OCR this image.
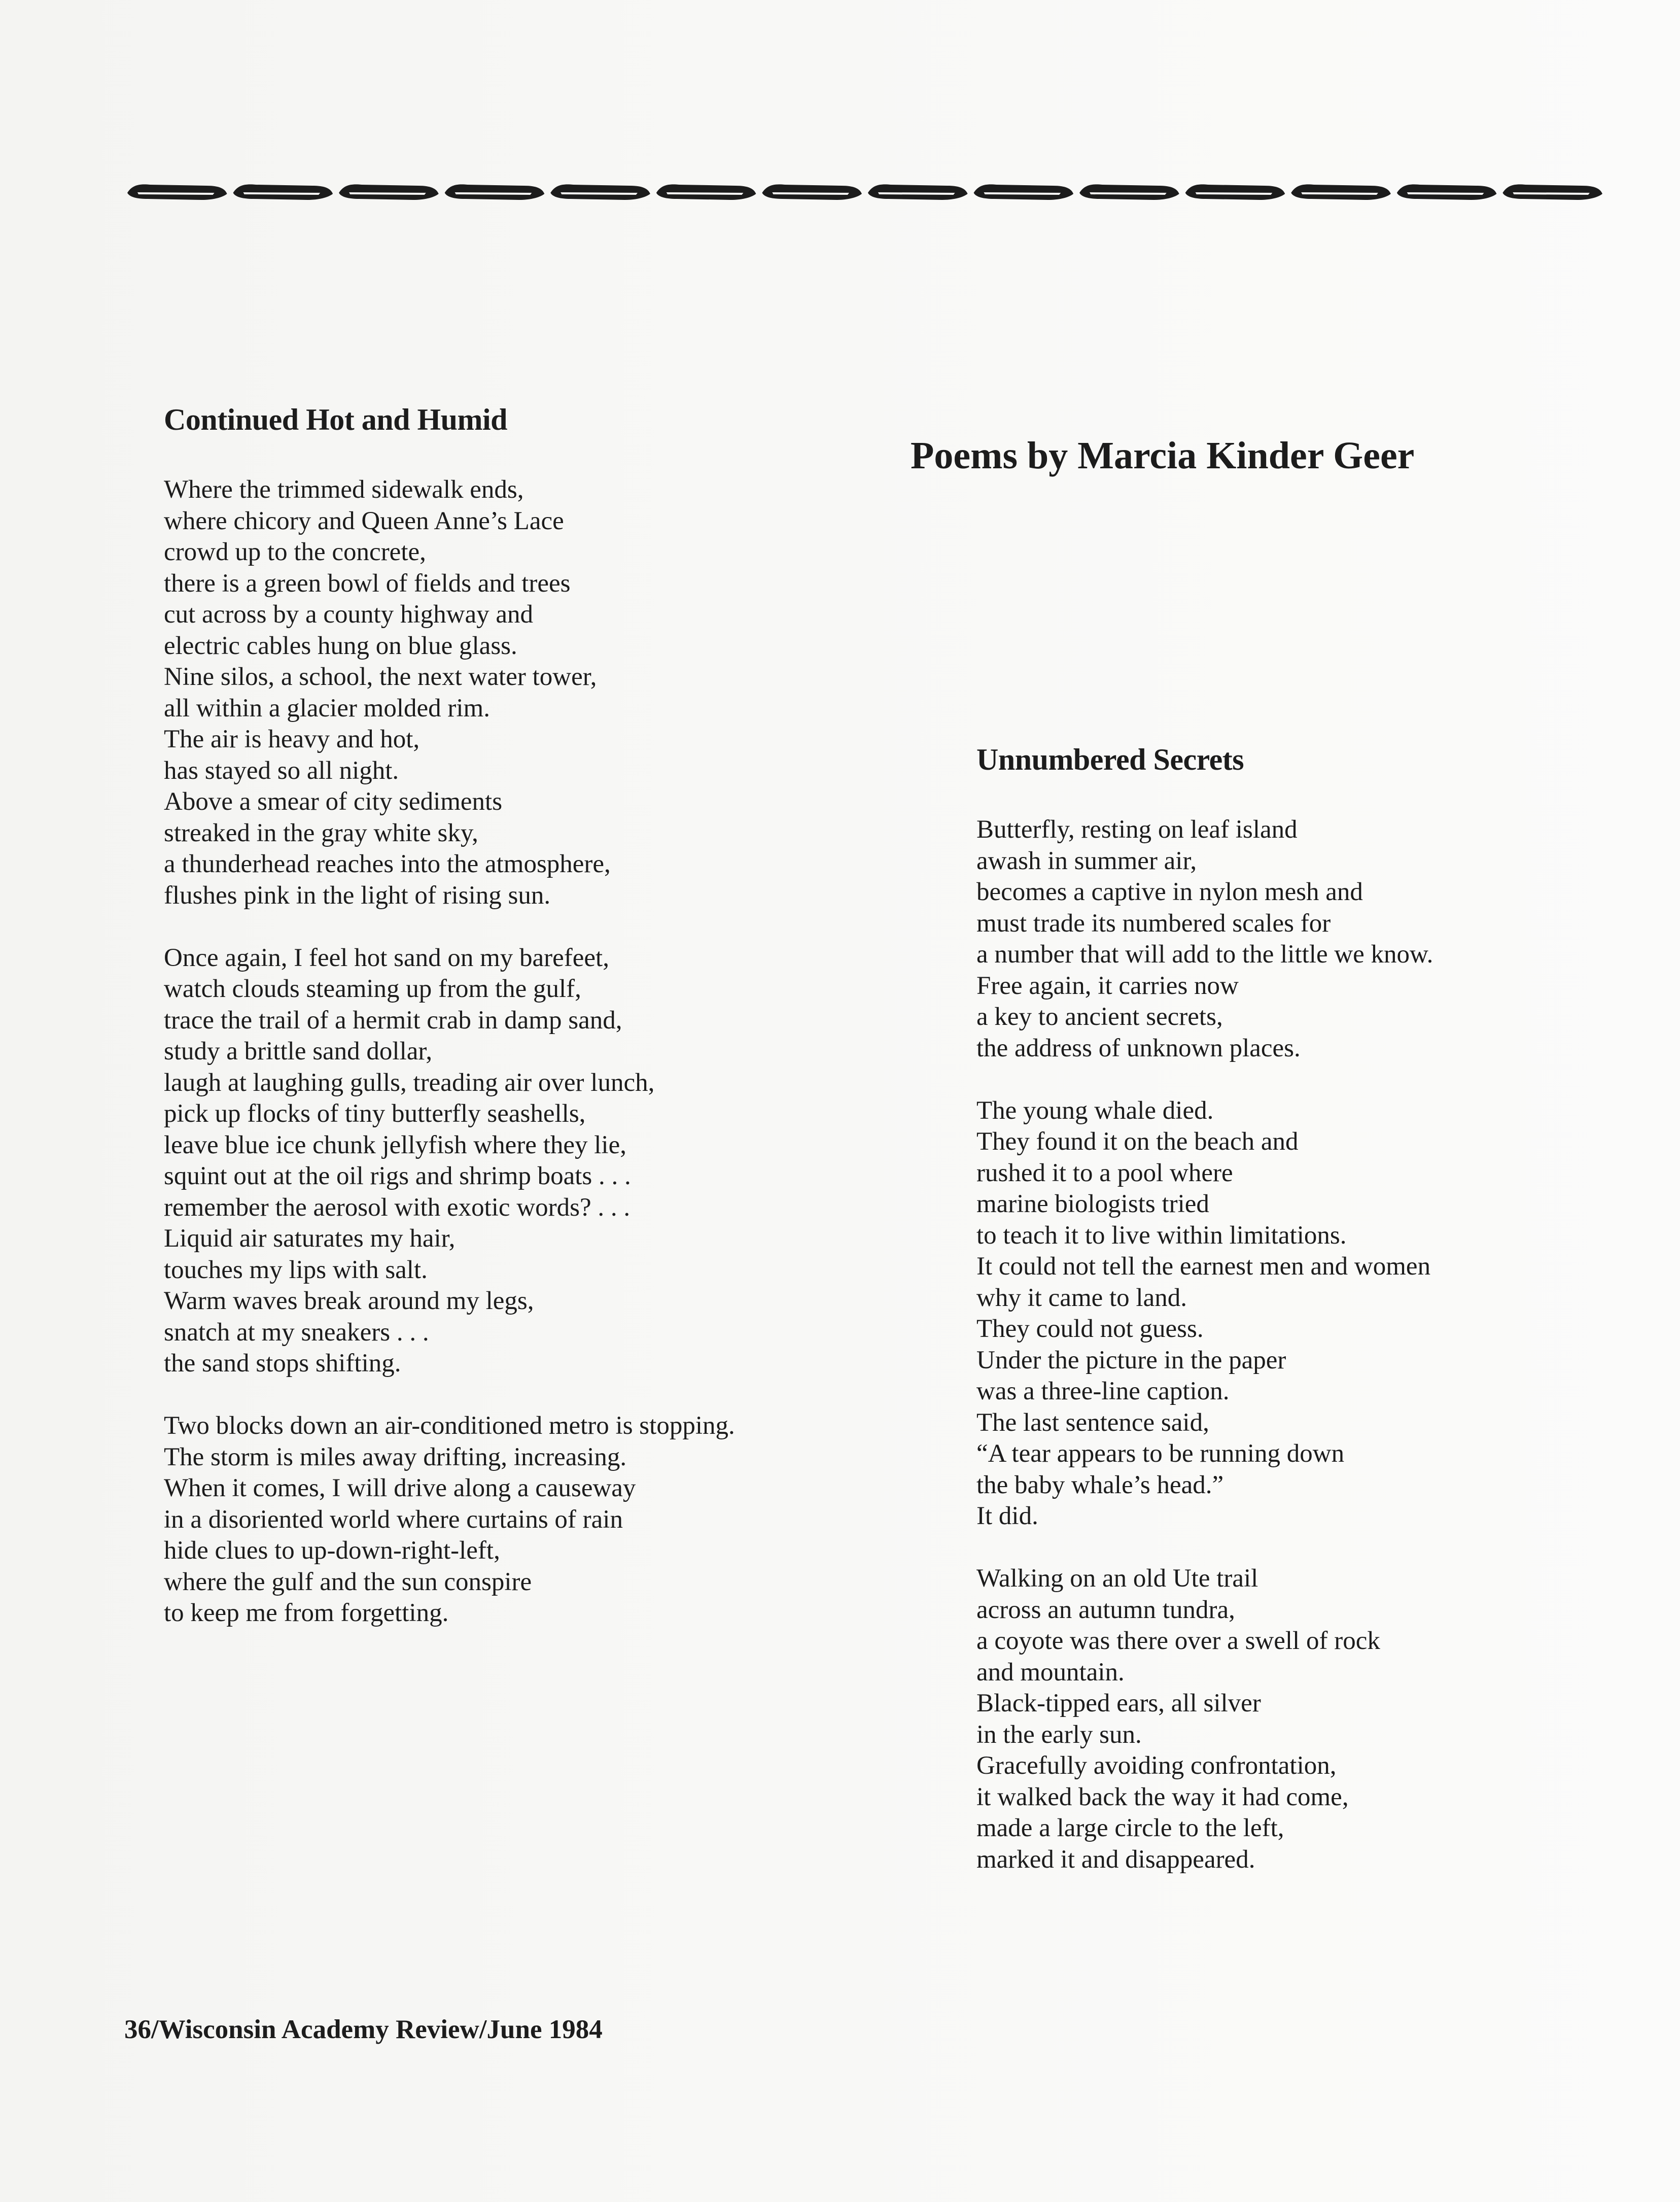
Continued Hot and Humid
Poems by Marcia Kinder Geer

Where the trimmed sidewalk ends,
where chicory and Queen Anne’s Lace
crowd up to the concrete,
there is a green bowl of fields and trees
cut across by a county highway and
electric cables hung on blue glass.
Nine silos, a school, the next water tower,
all within a glacier molded rim.
The air is heavy and hot,
has stayed so all night.
Above a smear of city sediments
streaked in the gray white sky,
a thunderhead reaches into the atmosphere,
flushes pink in the light of rising sun.

Once again, I feel hot sand on my barefeet,
watch clouds steaming up from the gulf,
trace the trail of a hermit crab in damp sand,
study a brittle sand dollar,
laugh at laughing gulls, treading air over lunch,
pick up flocks of tiny butterfly seashells,
leave blue ice chunk jellyfish where they lie,
squint out at the oil rigs and shrimp boats . . .
remember the aerosol with exotic words? . . .
Liquid air saturates my hair,
touches my lips with salt.
Warm waves break around my legs,
snatch at my sneakers . . .
the sand stops shifting.

Two blocks down an air-conditioned metro is stopping.
The storm is miles away drifting, increasing.
When it comes, I will drive along a causeway
in a disoriented world where curtains of rain
hide clues to up-down-right-left,
where the gulf and the sun conspire
to keep me from forgetting.

Unnumbered Secrets

Butterfly, resting on leaf island
awash in summer air,
becomes a captive in nylon mesh and
must trade its numbered scales for
a number that will add to the little we know.
Free again, it carries now
a key to ancient secrets,
the address of unknown places.

The young whale died.
They found it on the beach and
rushed it to a pool where
marine biologists tried
to teach it to live within limitations.
It could not tell the earnest men and women
why it came to land.
They could not guess.
Under the picture in the paper
was a three-line caption.
The last sentence said,
“A tear appears to be running down
the baby whale’s head.”
It did.

Walking on an old Ute trail
across an autumn tundra,
a coyote was there over a swell of rock
and mountain.
Black-tipped ears, all silver
in the early sun.
Gracefully avoiding confrontation,
it walked back the way it had come,
made a large circle to the left,
marked it and disappeared.

36/Wisconsin Academy Review/June 1984
